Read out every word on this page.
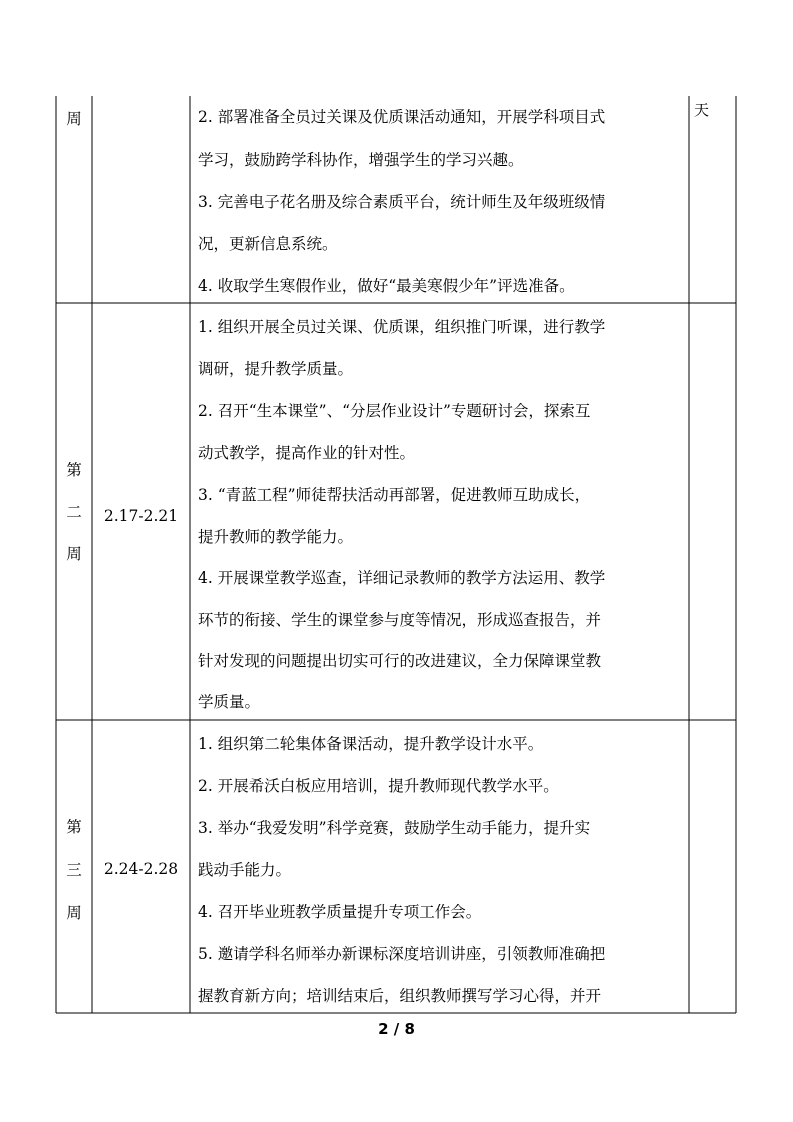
周	天
2. 部署准备全员过关课及优质课活动通知，开展学科项目式
学习，鼓励跨学科协作，增强学生的学习兴趣。
3. 完善电子花名册及综合素质平台，统计师生及年级班级情
况，更新信息系统。
4. 收取学生寒假作业，做好“最美寒假少年”评选准备。
第
二
周
2.17-2.21
1. 组织开展全员过关课、优质课，组织推门听课，进行教学
调研，提升教学质量。
2. 召开“生本课堂”、“分层作业设计”专题研讨会，探索互
动式教学，提高作业的针对性。
3. “青蓝工程”师徒帮扶活动再部署，促进教师互助成长，
提升教师的教学能力。
4. 开展课堂教学巡查，详细记录教师的教学方法运用、教学
环节的衔接、学生的课堂参与度等情况，形成巡查报告，并
针对发现的问题提出切实可行的改进建议，全力保障课堂教
学质量。
第
三
周
2.24-2.28
1. 组织第二轮集体备课活动，提升教学设计水平。
2. 开展希沃白板应用培训，提升教师现代教学水平。
3. 举办“我爱发明”科学竞赛，鼓励学生动手能力，提升实
践动手能力。
4. 召开毕业班教学质量提升专项工作会。
5. 邀请学科名师举办新课标深度培训讲座，引领教师准确把
握教育新方向；培训结束后，组织教师撰写学习心得，并开
2 / 8
